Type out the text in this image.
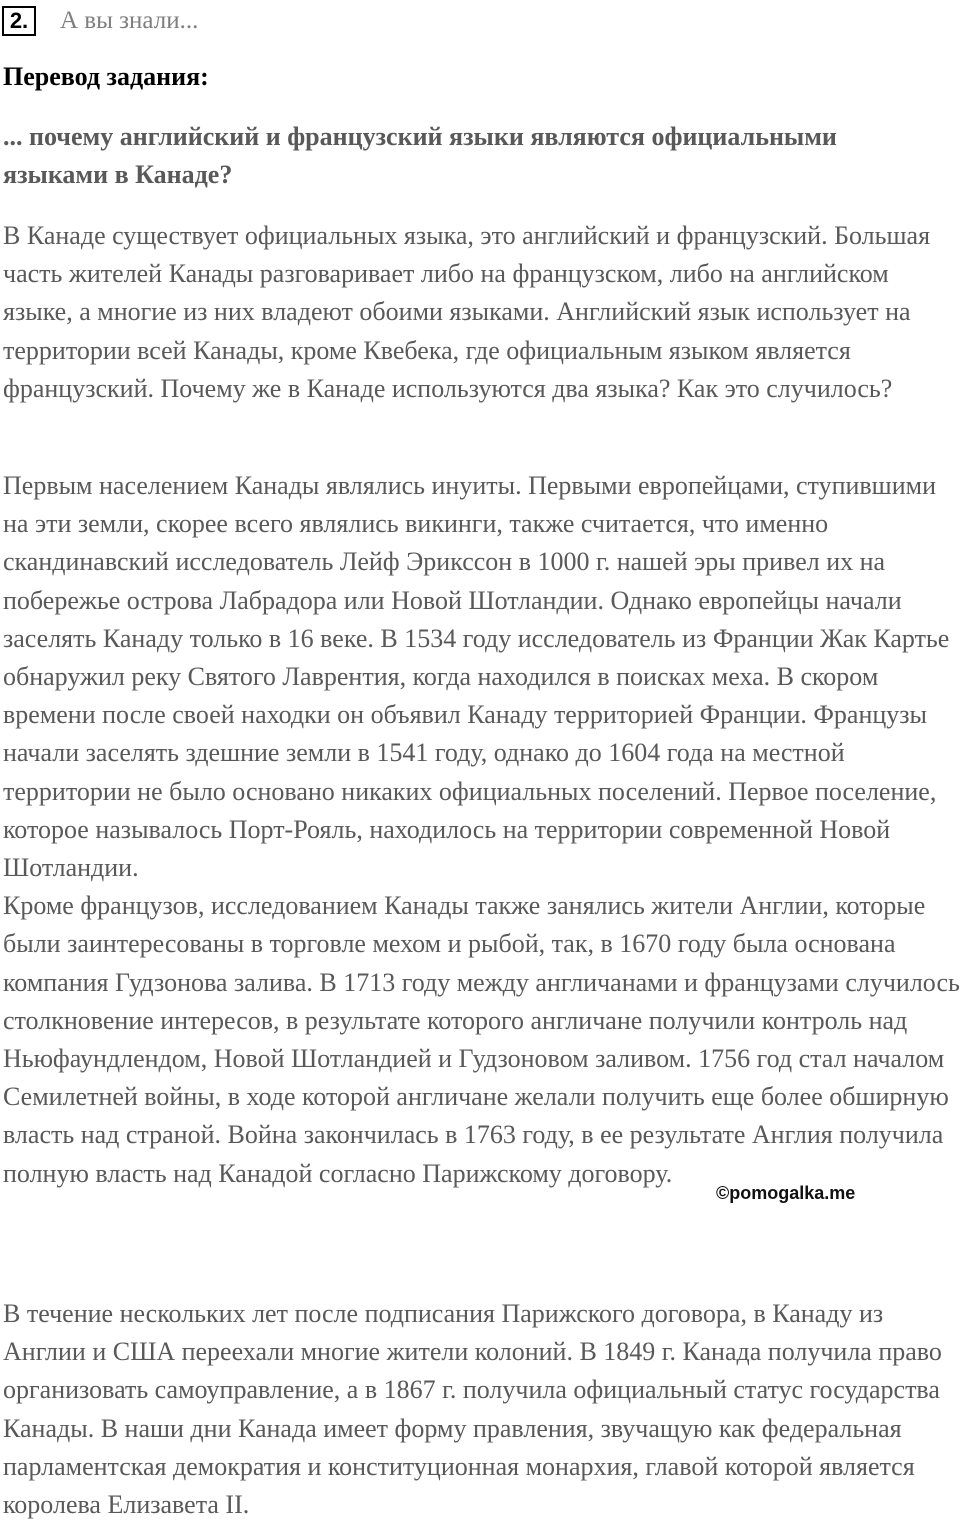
2.	А вы знали...
Перевод задания:
... почему английский и французский языки являются официальными языками в Канаде?
В Канаде существует официальных языка, это английский и французский. Большая часть жителей Канады разговаривает либо на французском, либо на английском языке, а многие из них владеют обоими языками. Английский язык использует на территории всей Канады, кроме Квебека, где официальным языком является французский. Почему же в Канаде используются два языка? Как это случилось?
Первым населением Канады являлись инуиты. Первыми европейцами, ступившими на эти земли, скорее всего являлись викинги, также считается, что именно скандинавский исследователь Лейф Эрикссон в 1000 г. нашей эры привел их на побережье острова Лабрадора или Новой Шотландии. Однако европейцы начали заселять Канаду только в 16 веке. В 1534 году исследователь из Франции Жак Картье обнаружил реку Святого Лаврентия, когда находился в поисках меха. В скором времени после своей находки он объявил Канаду территорией Франции. Французы начали заселять здешние земли в 1541 году, однако до 1604 года на местной территории не было основано никаких официальных поселений. Первое поселение, которое называлось Порт-Рояль, находилось на территории современной Новой Шотландии.
Кроме французов, исследованием Канады также занялись жители Англии, которые были заинтересованы в торговле мехом и рыбой, так, в 1670 году была основана компания Гудзонова залива. В 1713 году между англичанами и французами случилось столкновение интересов, в результате которого англичане получили контроль над Ньюфаундлендом, Новой Шотландией и Гудзоновом заливом. 1756 год стал началом Семилетней войны, в ходе которой англичане желали получить еще более обширную власть над страной. Война закончилась в 1763 году, в ее результате Англия получила полную власть над Канадой согласно Парижскому договору.
В течение нескольких лет после подписания Парижского договора, в Канаду из Англии и США переехали многие жители колоний. В 1849 г. Канада получила право организовать самоуправление, а в 1867 г. получила официальный статус государства Канады. В наши дни Канада имеет форму правления, звучащую как федеральная парламентская демократия и конституционная монархия, главой которой является королева Елизавета II.
©pomogalka.me
